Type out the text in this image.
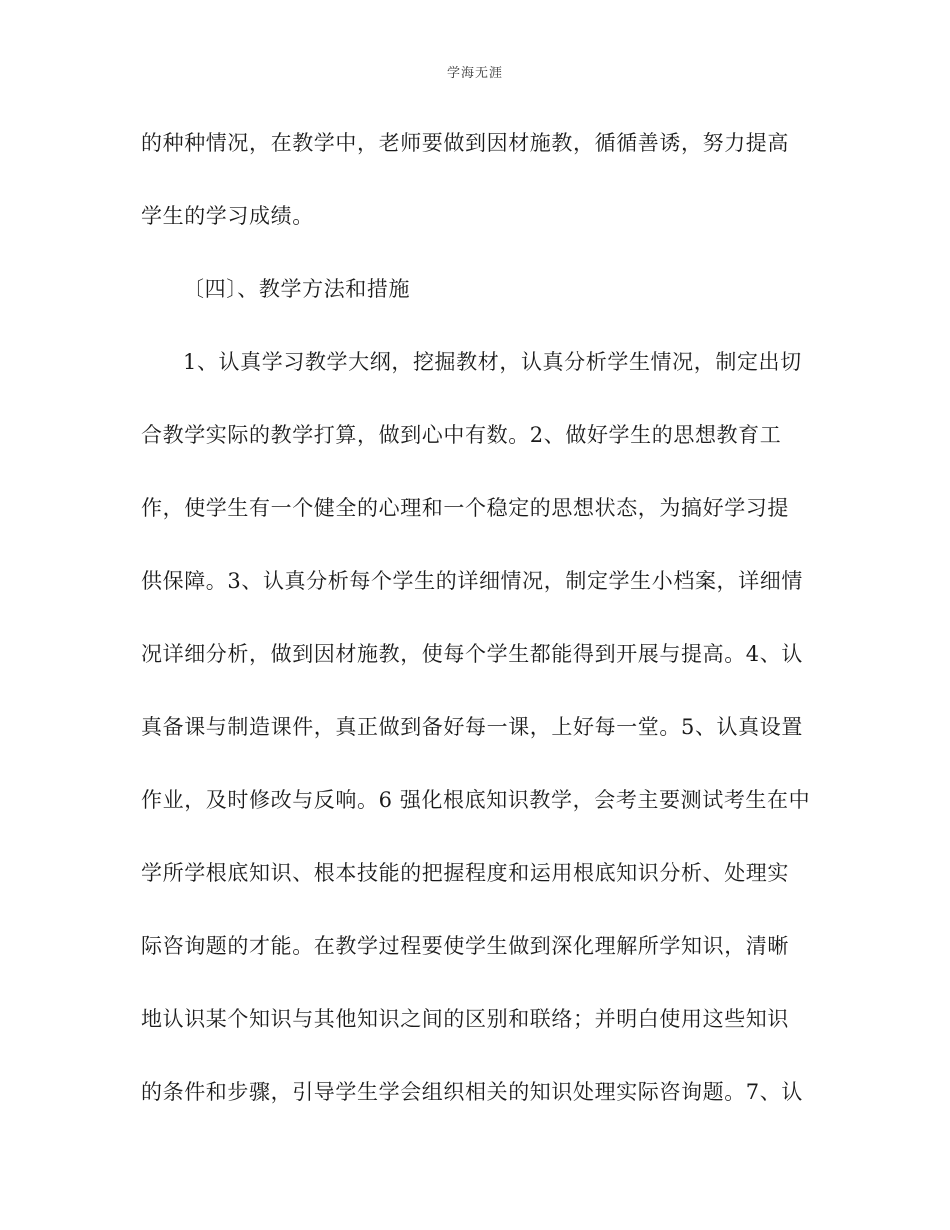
学海无涯
的种种情况，在教学中，老师要做到因材施教，循循善诱，努力提高
学生的学习成绩。
〔四〕、教学方法和措施
1、认真学习教学大纲，挖掘教材，认真分析学生情况，制定出切
合教学实际的教学打算，做到心中有数。2、做好学生的思想教育工
作，使学生有一个健全的心理和一个稳定的思想状态，为搞好学习提
供保障。3、认真分析每个学生的详细情况，制定学生小档案，详细情
况详细分析，做到因材施教，使每个学生都能得到开展与提高。4、认
真备课与制造课件，真正做到备好每一课，上好每一堂。5、认真设置
作业，及时修改与反响。6 强化根底知识教学，会考主要测试考生在中
学所学根底知识、根本技能的把握程度和运用根底知识分析、处理实
际咨询题的才能。在教学过程要使学生做到深化理解所学知识，清晰
地认识某个知识与其他知识之间的区别和联络；并明白使用这些知识
的条件和步骤，引导学生学会组织相关的知识处理实际咨询题。7、认
